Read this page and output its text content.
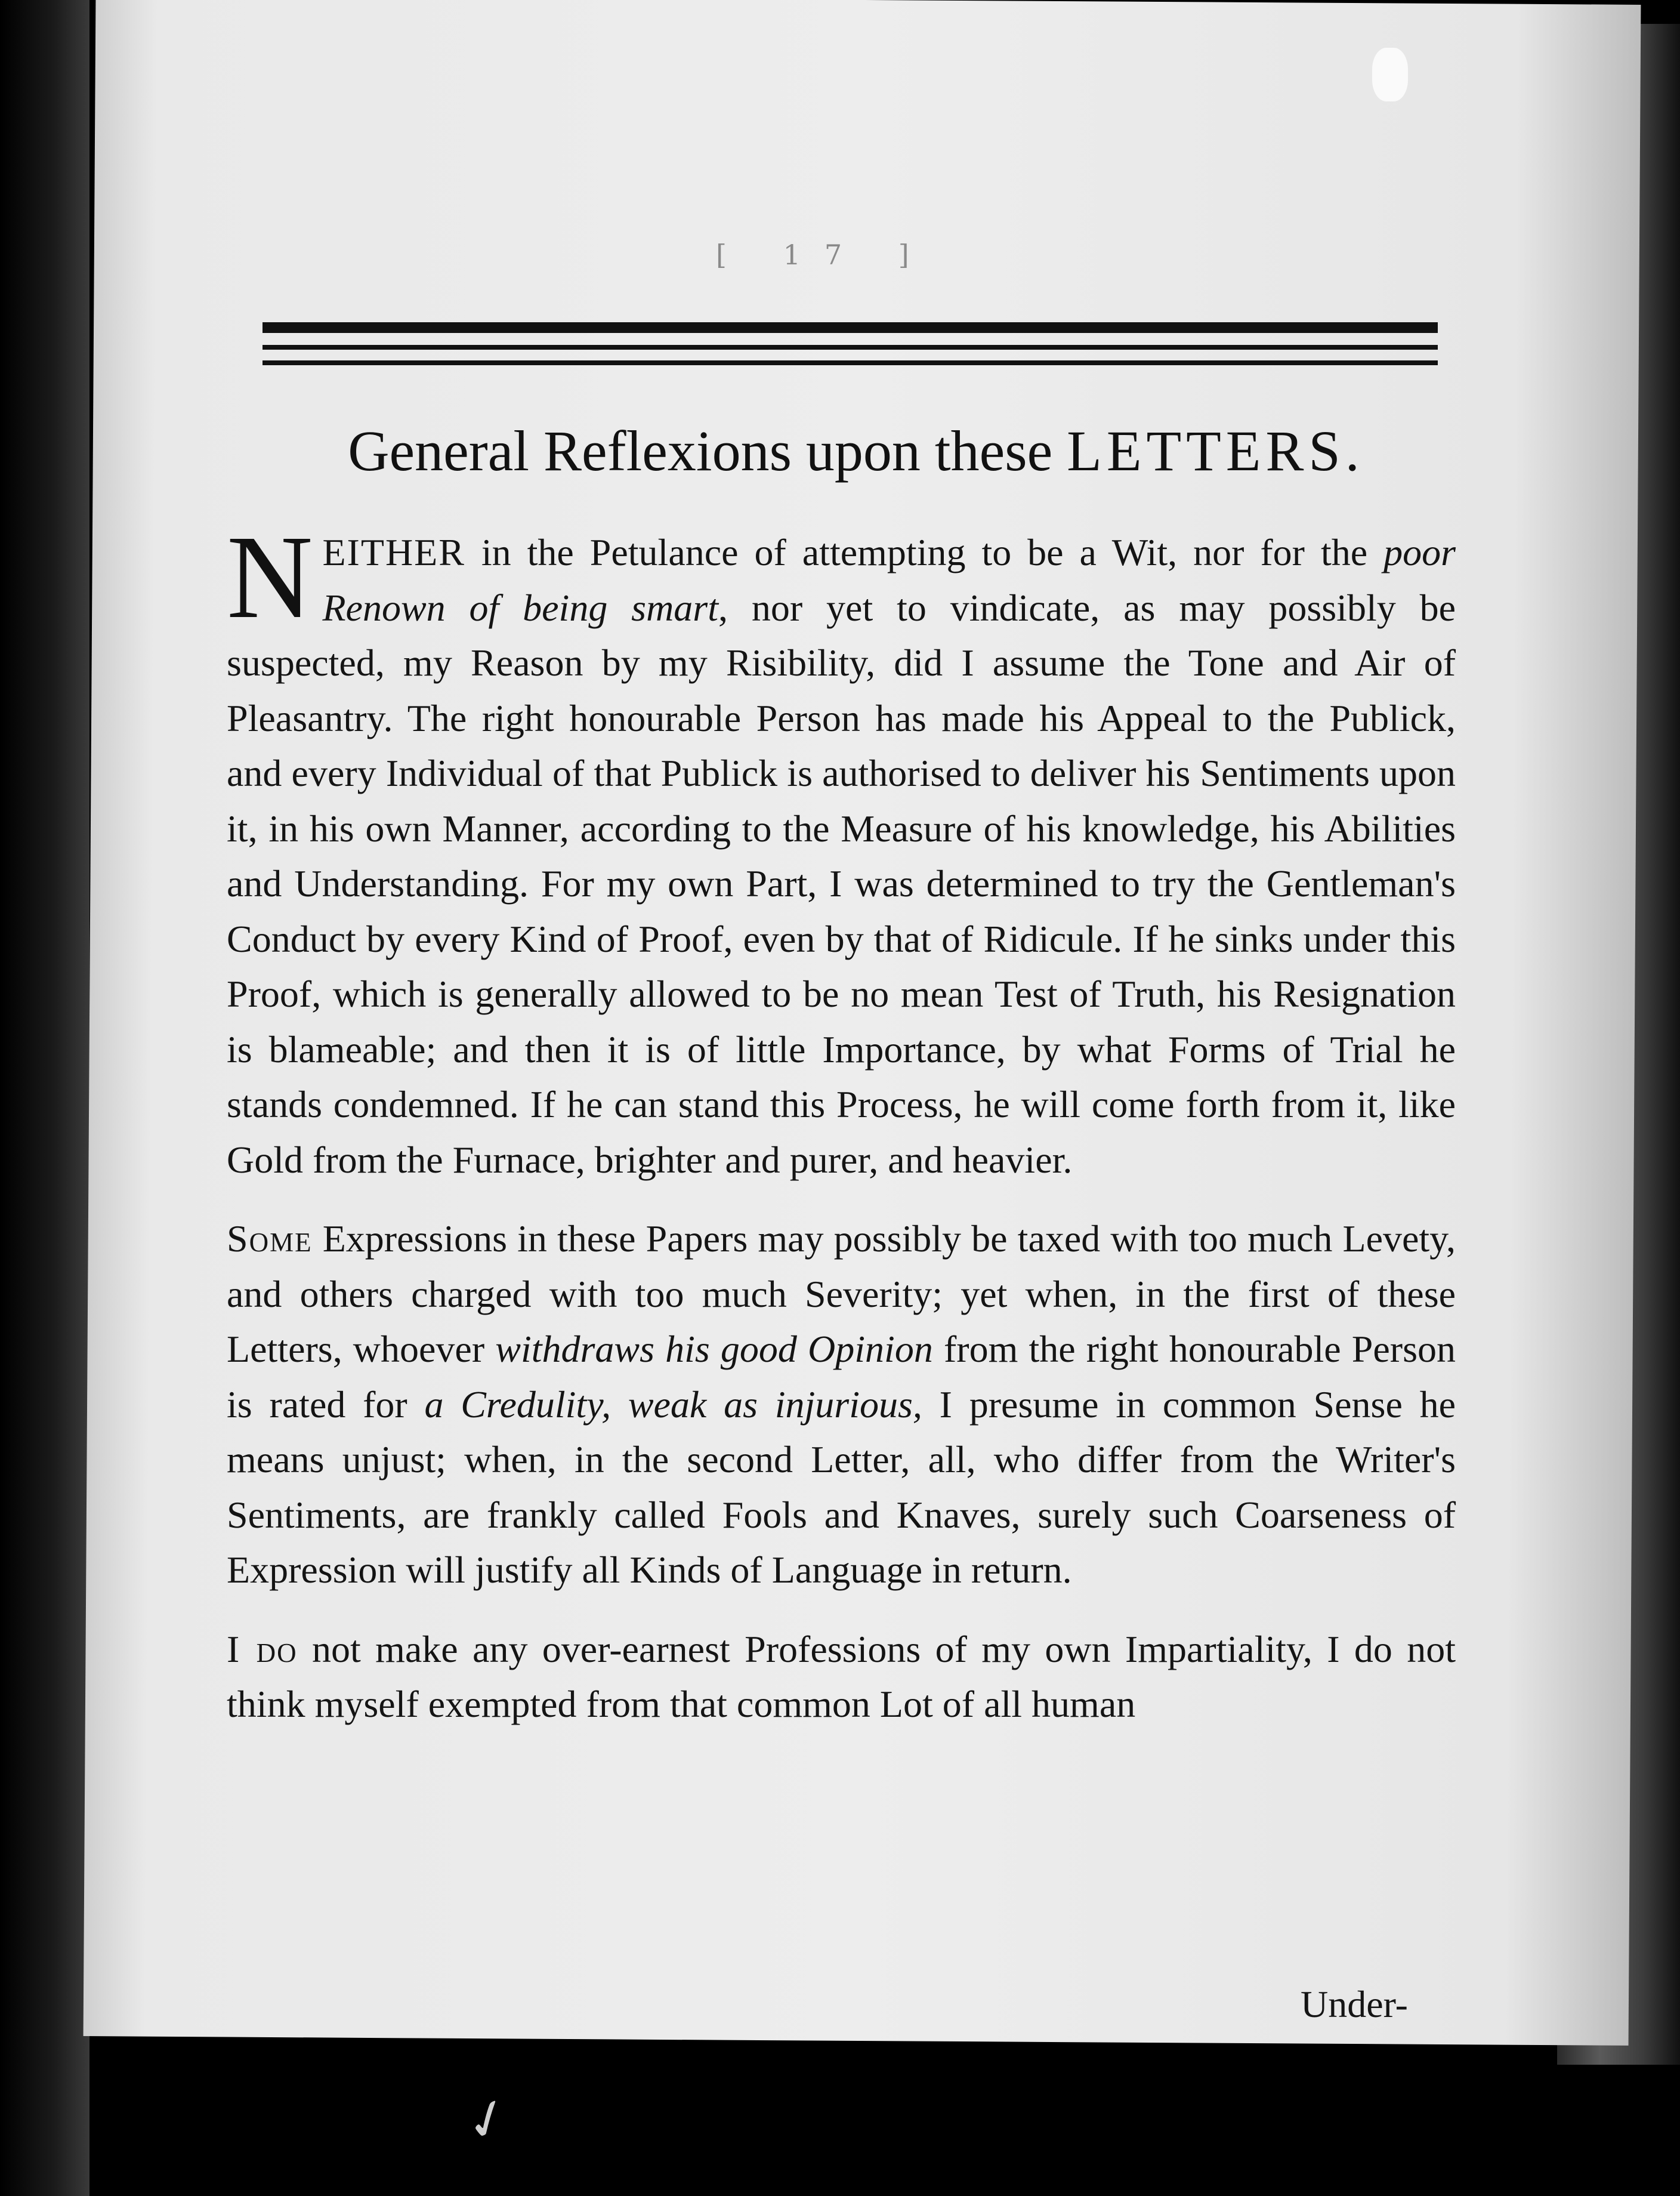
[ 17 ]
General Reflexions upon these LETTERS.

NEITHER in the Petulance of attempting to be a Wit, nor for the poor Renown of being smart, nor yet to vindicate, as may possibly be suspected, my Reason by my Risibility, did I assume the Tone and Air of Pleasantry. The right honourable Person has made his Appeal to the Publick, and every Individual of that Publick is authorised to deliver his Sentiments upon it, in his own Manner, according to the Measure of his knowledge, his Abilities and Understanding. For my own Part, I was determined to try the Gentleman's Conduct by every Kind of Proof, even by that of Ridicule. If he sinks under this Proof, which is generally allowed to be no mean Test of Truth, his Resignation is blameable; and then it is of little Importance, by what Forms of Trial he stands condemned. If he can stand this Process, he will come forth from it, like Gold from the Furnace, brighter and purer, and heavier.

Some Expressions in these Papers may possibly be taxed with too much Levety, and others charged with too much Severity; yet when, in the first of these Letters, whoever withdraws his good Opinion from the right honourable Person is rated for a Credulity, weak as injurious, I presume in common Sense he means unjust; when, in the second Letter, all, who differ from the Writer's Sentiments, are frankly called Fools and Knaves, surely such Coarseness of Expression will justify all Kinds of Language in return.

I do not make any over-earnest Professions of my own Impartiality, I do not think myself exempted from that common Lot of all human

Under-
✓
